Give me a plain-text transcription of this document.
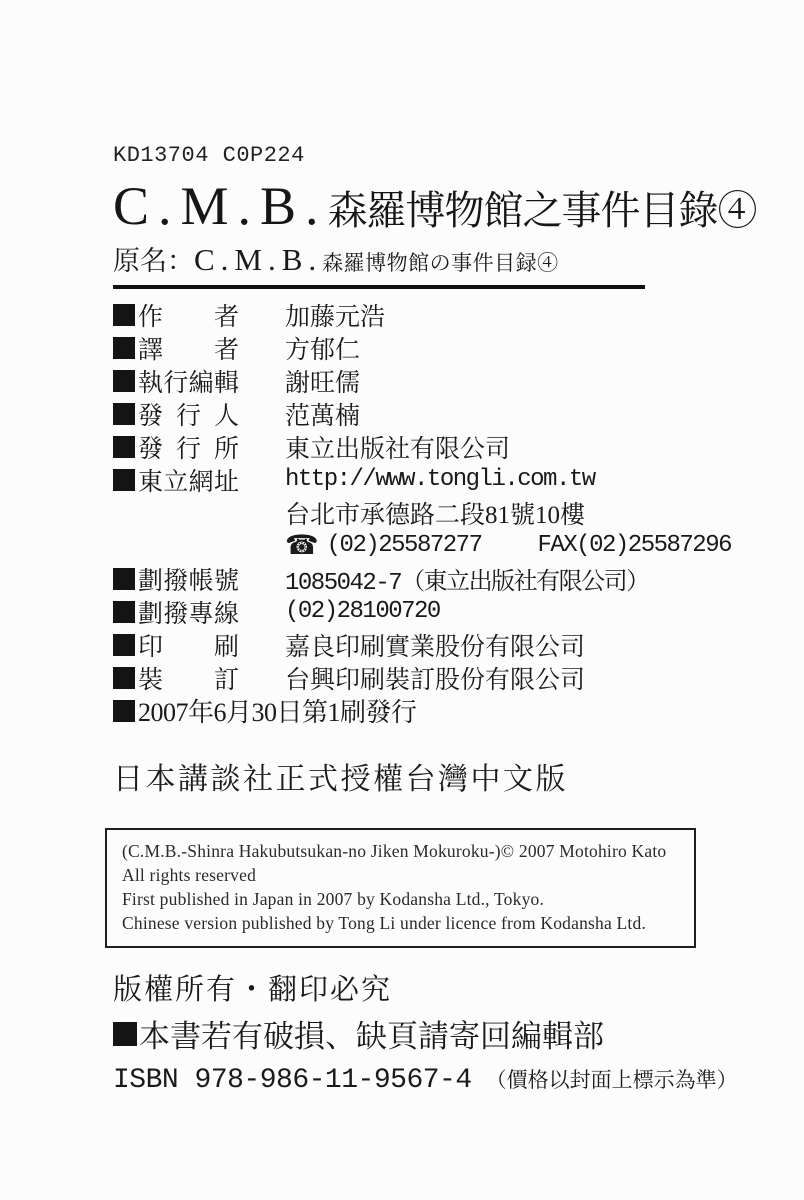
KD13704 C0P224
C.M.B.森羅博物館之事件目錄④
原名：C.M.B.森羅博物館の事件目録④
作者 加藤元浩
譯者 方郁仁
執行編輯 謝旺儒
發行人 范萬楠
發行所 東立出版社有限公司
東立網址 http://www.tongli.com.tw
台北市承德路二段81號10樓
☎ (02)25587277 FAX(02)25587296
劃撥帳號 1085042-7（東立出版社有限公司）
劃撥專線 (02)28100720
印刷 嘉良印刷實業股份有限公司
裝訂 台興印刷裝訂股份有限公司
2007年6月30日第1刷發行
日本講談社正式授權台灣中文版
(C.M.B.-Shinra Hakubutsukan-no Jiken Mokuroku-)© 2007 Motohiro Kato
All rights reserved
First published in Japan in 2007 by Kodansha Ltd., Tokyo.
Chinese version published by Tong Li under licence from Kodansha Ltd.
版權所有・翻印必究
本書若有破損、缺頁請寄回編輯部
ISBN 978-986-11-9567-4 （價格以封面上標示為準）
